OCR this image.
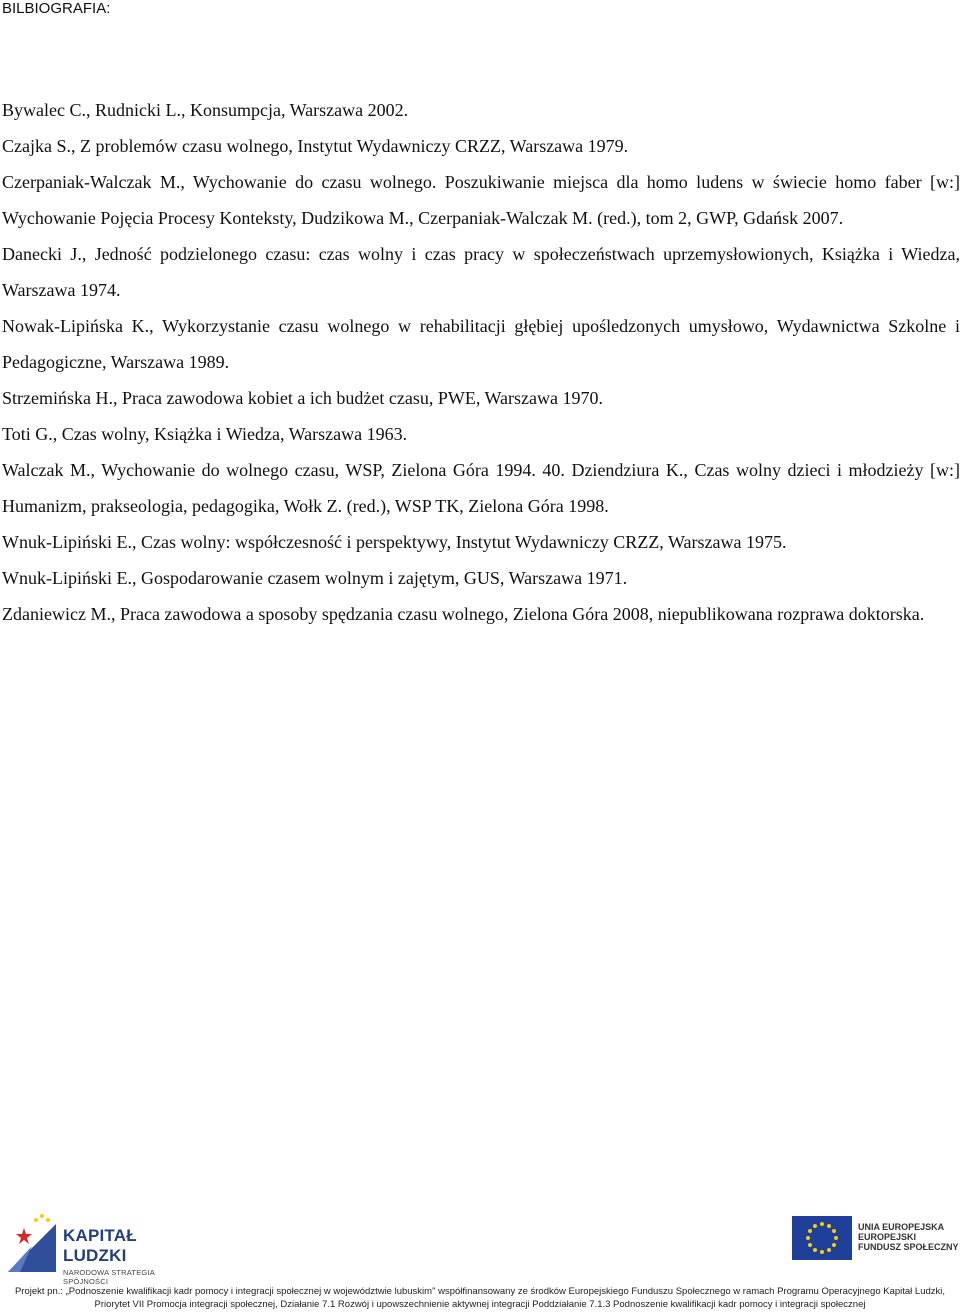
BILBIOGRAFIA:

Bywalec C., Rudnicki L., Konsumpcja, Warszawa 2002.

Czajka S., Z problemów czasu wolnego, Instytut Wydawniczy CRZZ, Warszawa 1979.

Czerpaniak-Walczak M., Wychowanie do czasu wolnego. Poszukiwanie miejsca dla homo ludens w świecie homo faber [w:] Wychowanie Pojęcia Procesy Konteksty, Dudzikowa M., Czerpaniak-Walczak M. (red.), tom 2, GWP, Gdańsk 2007.

Danecki J., Jedność podzielonego czasu: czas wolny i czas pracy w społeczeństwach uprzemysłowionych, Książka i Wiedza, Warszawa 1974.

Nowak-Lipińska K., Wykorzystanie czasu wolnego w rehabilitacji głębiej upośledzonych umysłowo, Wydawnictwa Szkolne i Pedagogiczne, Warszawa 1989.

Strzemińska H., Praca zawodowa kobiet a ich budżet czasu, PWE, Warszawa 1970.

Toti G., Czas wolny, Książka i Wiedza, Warszawa 1963.

Walczak M., Wychowanie do wolnego czasu, WSP, Zielona Góra 1994. 40. Dziendziura K., Czas wolny dzieci i młodzieży [w:] Humanizm, prakseologia, pedagogika, Wołk Z. (red.), WSP TK, Zielona Góra 1998.

Wnuk-Lipiński E., Czas wolny: współczesność i perspektywy, Instytut Wydawniczy CRZZ, Warszawa 1975.

Wnuk-Lipiński E., Gospodarowanie czasem wolnym i zajętym, GUS, Warszawa 1971.

Zdaniewicz M., Praca zawodowa a sposoby spędzania czasu wolnego, Zielona Góra 2008, niepublikowana rozprawa doktorska.

KAPITAŁ LUDZKI
NARODOWA STRATEGIA SPÓJNOŚCI
UNIA EUROPEJSKA
EUROPEJSKI
FUNDUSZ SPOŁECZNY
Projekt pn.: „Podnoszenie kwalifikacji kadr pomocy i integracji społecznej w województwie lubuskim" współfinansowany ze środków Europejskiego Funduszu Społecznego w ramach Programu Operacyjnego Kapitał Ludzki,
Priorytet VII Promocja integracji społecznej, Działanie 7.1 Rozwój i upowszechnienie aktywnej integracji Poddziałanie 7.1.3 Podnoszenie kwalifikacji kadr pomocy i integracji społecznej
